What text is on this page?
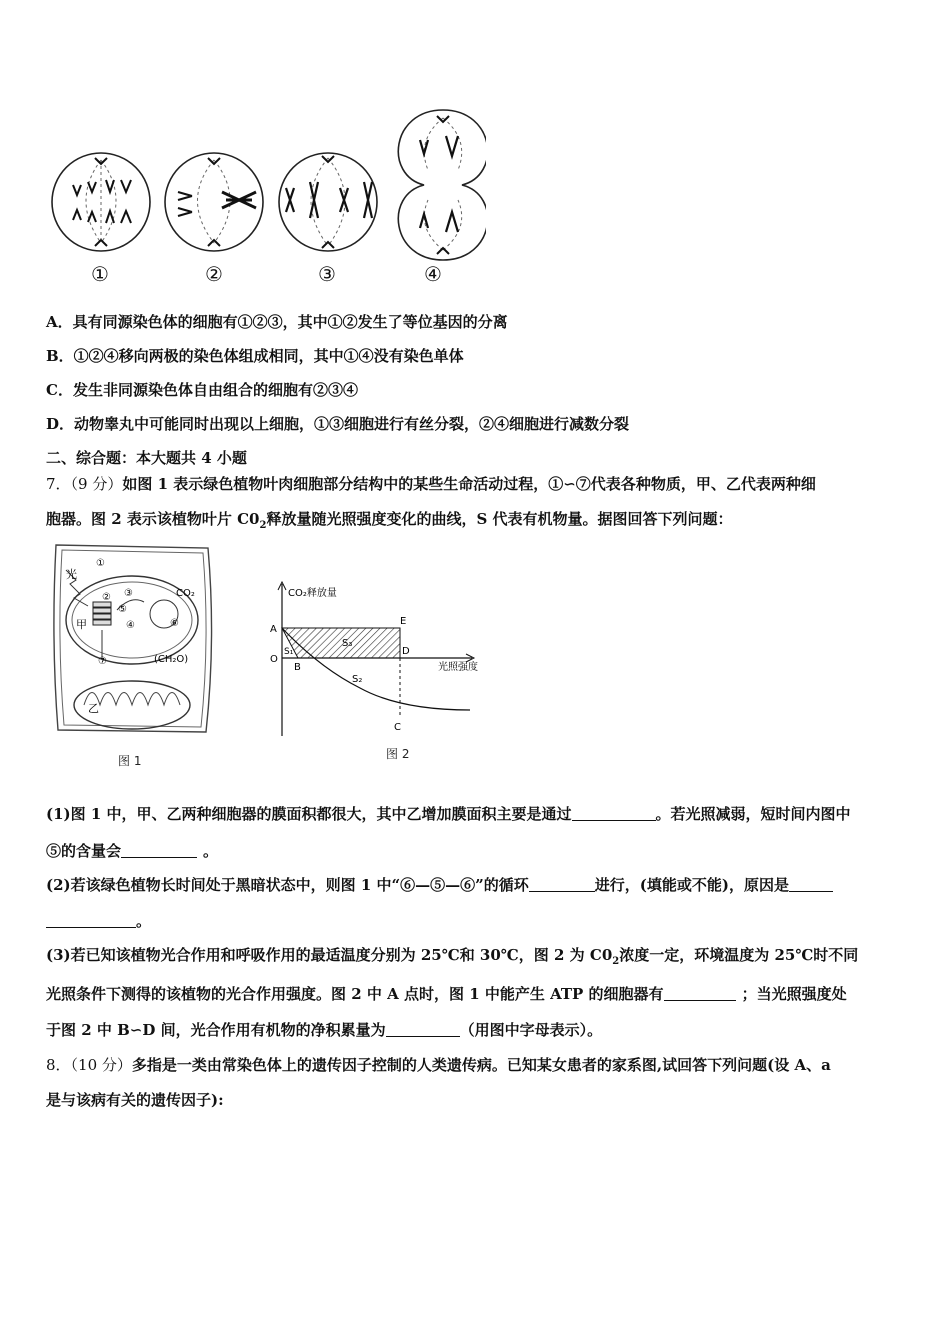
①	②	③	④
A．具有同源染色体的细胞有①②③，其中①②发生了等位基因的分离
B．①②④移向两极的染色体组成相同，其中①④没有染色单体
C．发生非同源染色体自由组合的细胞有②③④
D．动物睾丸中可能同时出现以上细胞，①③细胞进行有丝分裂，②④细胞进行减数分裂
二、综合题：本大题共 4 小题
7．（9 分）如图 1 表示绿色植物叶肉细胞部分结构中的某些生命活动过程，①∽⑦代表各种物质，甲、乙代表两种细
胞器。图 2 表示该植物叶片 $C0_2$释放量随光照强度变化的曲线，S 代表有机物量。据图回答下列问题：
光
甲
乙
CO₂
(CH₂O)
①
② ③
④
⑤
⑥
⑦
图 1
CO₂释放量
光照强度
A
O
B
C
D
E
S₁
S₃
S₂
图 2
(1)图 1 中，甲、乙两种细胞器的膜面积都很大，其中乙增加膜面积主要是通过	。若光照减弱，短时间内图中
⑤的含量会	。
(2)若该绿色植物长时间处于黑暗状态中，则图 1 中“⑥—⑤—⑥”的循环	进行，(填能或不能)，原因是
。
(3)若已知该植物光合作用和呼吸作用的最适温度分别为 25℃和 30℃，图 2 为 $C0_2$浓度一定，环境温度为 25℃时不同
光照条件下测得的该植物的光合作用强度。图 2 中 A 点时，图 1 中能产生 ATP 的细胞器有	；当光照强度处
于图 2 中 B∽D 间，光合作用有机物的净积累量为	（用图中字母表示）。
8．（10 分）多指是一类由常染色体上的遗传因子控制的人类遗传病。已知某女患者的家系图,试回答下列问题(设 A、a
是与该病有关的遗传因子):
